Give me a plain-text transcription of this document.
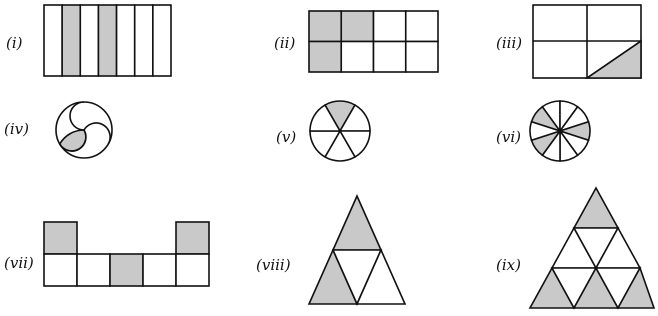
(i)	(ii)	(iii)
(iv)	(v)	(vi)
(vii)	(viii)	(ix)
